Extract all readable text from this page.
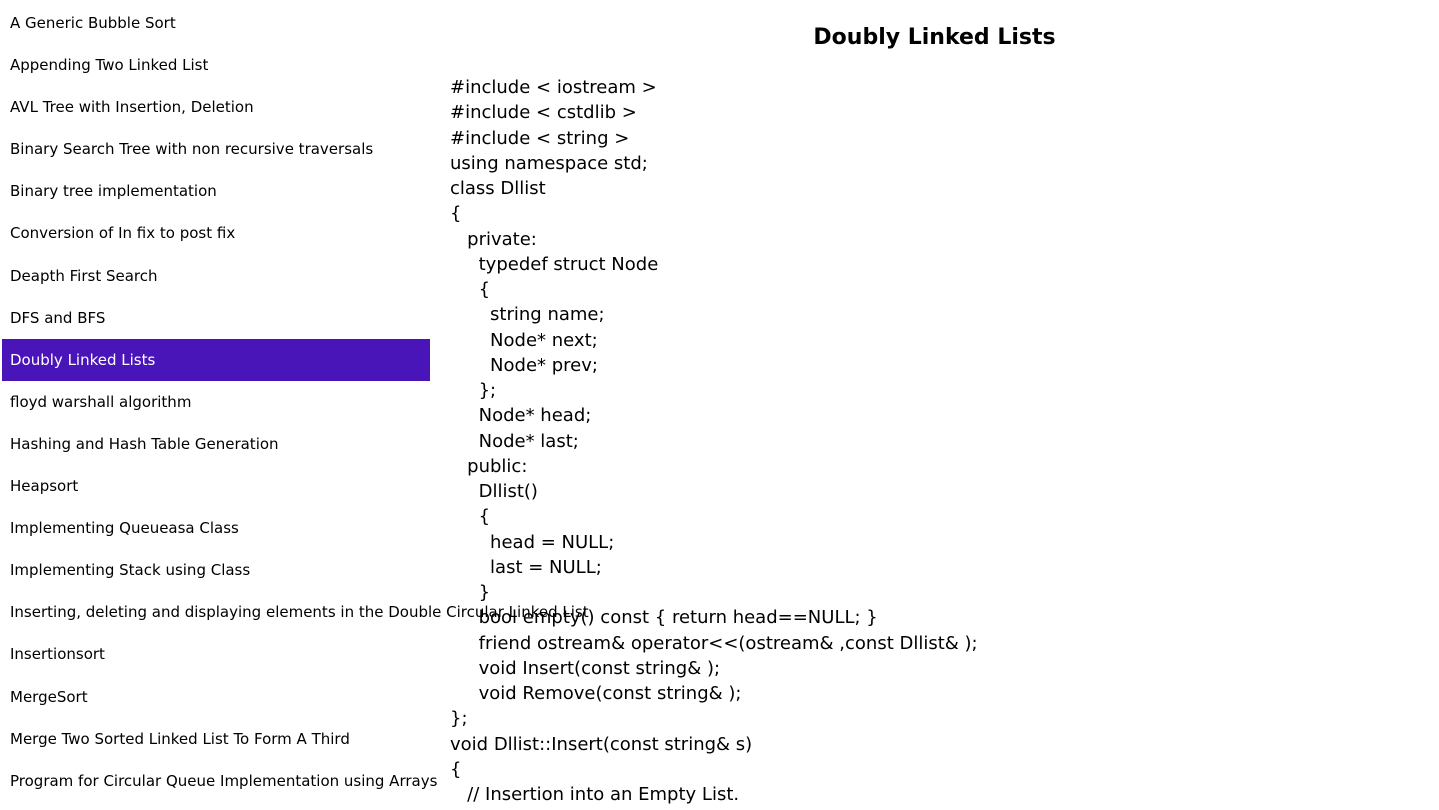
A Generic Bubble Sort
Appending Two Linked List
AVL Tree with Insertion, Deletion
Binary Search Tree with non recursive traversals
Binary tree implementation
Conversion of In fix to post fix
Deapth First Search
DFS and BFS
Doubly Linked Lists
floyd warshall algorithm
Hashing and Hash Table Generation
Heapsort
Implementing Queueasa Class
Implementing Stack using Class
Inserting, deleting and displaying elements in the Double Circular Linked List
Insertionsort
MergeSort
Merge Two Sorted Linked List To Form A Third
Program for Circular Queue Implementation using Arrays
Doubly Linked Lists
#include < iostream >
#include < cstdlib >
#include < string >
using namespace std;
class Dllist
{
private:
typedef struct Node
{
string name;
Node* next;
Node* prev;
};
Node* head;
Node* last;
public:
Dllist()
{
head = NULL;
last = NULL;
}
bool empty() const { return head==NULL; }
friend ostream& operator<<(ostream& ,const Dllist& );
void Insert(const string& );
void Remove(const string& );
};
void Dllist::Insert(const string& s)
{
// Insertion into an Empty List.
